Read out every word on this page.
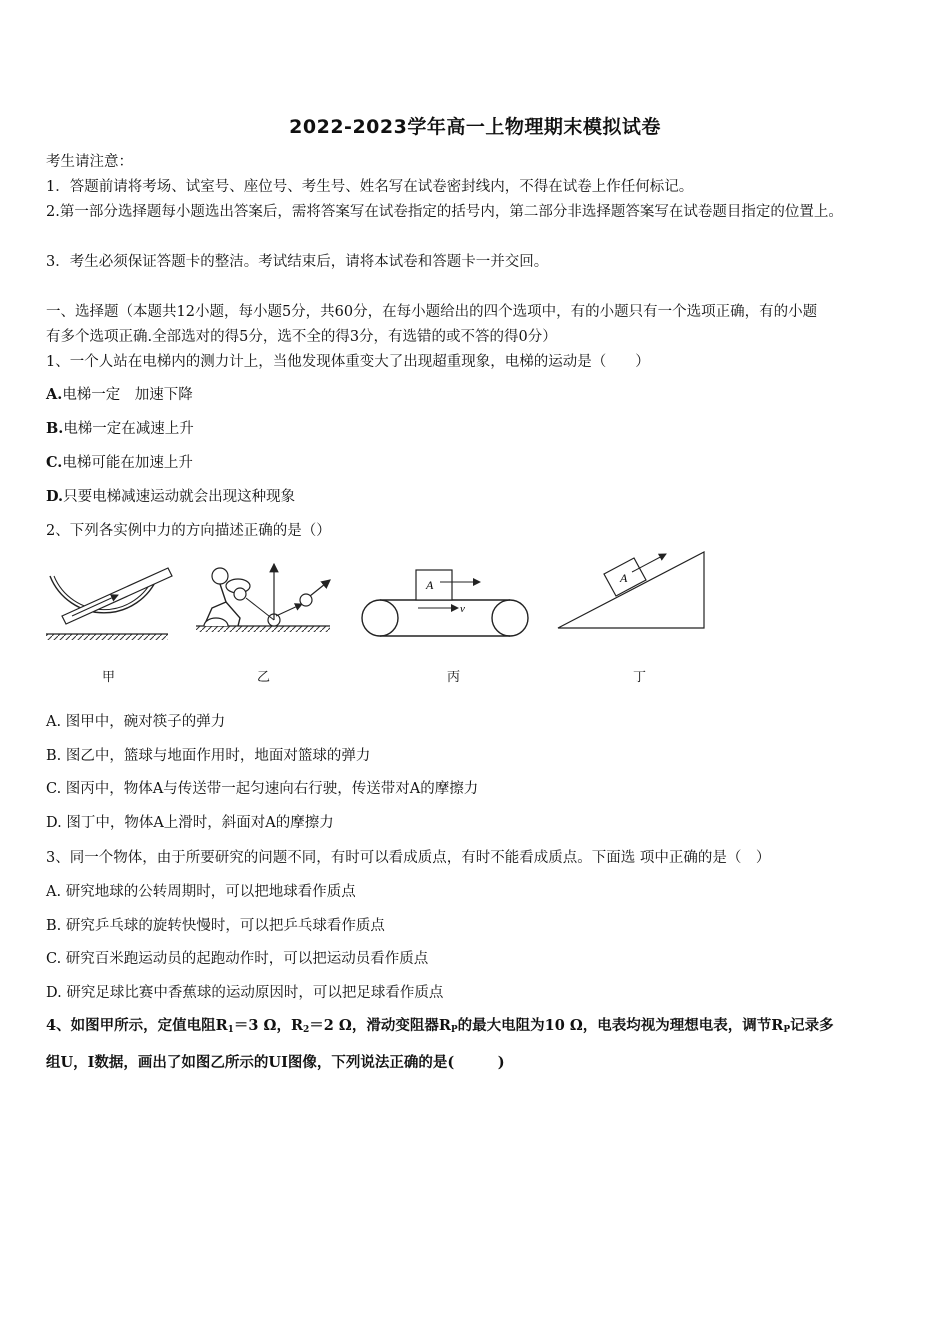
2022-2023学年高一上物理期末模拟试卷
考生请注意：
1．答题前请将考场、试室号、座位号、考生号、姓名写在试卷密封线内，不得在试卷上作任何标记。
2.第一部分选择题每小题选出答案后，需将答案写在试卷指定的括号内，第二部分非选择题答案写在试卷题目指定的位置上。
3．考生必须保证答题卡的整洁。考试结束后，请将本试卷和答题卡一并交回。
一、选择题（本题共12小题，每小题5分，共60分，在每小题给出的四个选项中，有的小题只有一个选项正确，有的小题
有多个选项正确.全部选对的得5分，选不全的得3分，有选错的或不答的得0分）
1、一个人站在电梯内的测力计上，当他发现体重变大了出现超重现象，电梯的运动是（　　）
A.电梯一定　加速下降
B.电梯一定在减速上升
C.电梯可能在加速上升
D.只要电梯减速运动就会出现这种现象
2、下列各实例中力的方向描述正确的是（）
A
v
A
甲	乙	丙	丁
A. 图甲中，碗对筷子的弹力
B. 图乙中，篮球与地面作用时，地面对篮球的弹力
C. 图丙中，物体A与传送带一起匀速向右行驶，传送带对A的摩擦力
D. 图丁中，物体A上滑时，斜面对A的摩擦力
3、同一个物体，由于所要研究的问题不同，有时可以看成质点，有时不能看成质点。下面选 项中正确的是（　）
A. 研究地球的公转周期时，可以把地球看作质点
B. 研究乒乓球的旋转快慢时，可以把乒乓球看作质点
C. 研究百米跑运动员的起跑动作时，可以把运动员看作质点
D. 研究足球比赛中香蕉球的运动原因时，可以把足球看作质点
4、如图甲所示，定值电阻$R_1=3$ Ω，$R_2=2$ Ω，滑动变阻器$R_P$的最大电阻为10 Ω，电表均视为理想电表，调节$R_P$记录多
组U，I数据，画出了如图乙所示的UI图像，下列说法正确的是(　　　)
